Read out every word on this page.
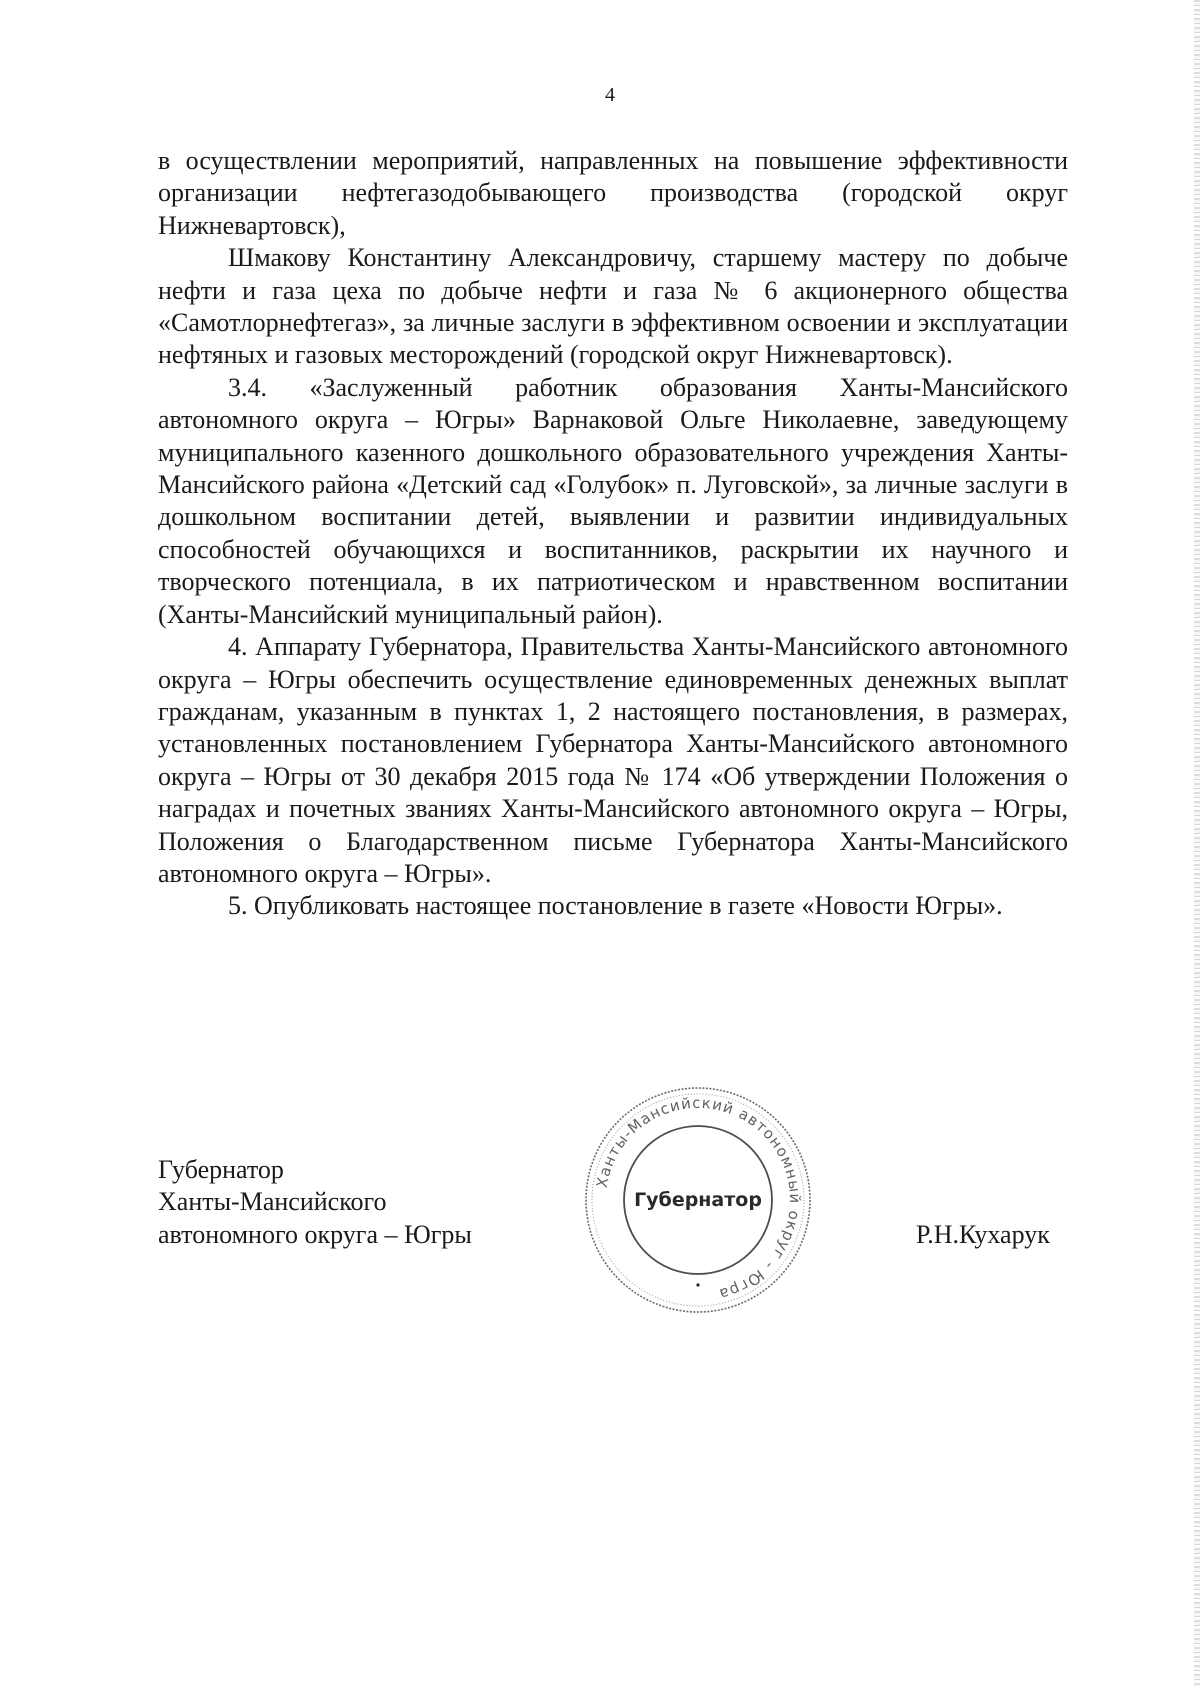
4

в осуществлении мероприятий, направленных на повышение эффективности организации нефтегазодобывающего производства (городской округ Нижневартовск),

Шмакову Константину Александровичу, старшему мастеру по добыче нефти и газа цеха по добыче нефти и газа № 6 акционерного общества «Самотлорнефтегаз», за личные заслуги в эффективном освоении и эксплуатации нефтяных и газовых месторождений (городской округ Нижневартовск).

3.4. «Заслуженный работник образования Ханты-Мансийского автономного округа – Югры» Варнаковой Ольге Николаевне, заведующему муниципального казенного дошкольного образовательного учреждения Ханты-Мансийского района «Детский сад «Голубок» п. Луговской», за личные заслуги в дошкольном воспитании детей, выявлении и развитии индивидуальных способностей обучающихся и воспитанников, раскрытии их научного и творческого потенциала, в их патриотическом и нравственном воспитании (Ханты-Мансийский муниципальный район).

4. Аппарату Губернатора, Правительства Ханты-Мансийского автономного округа – Югры обеспечить осуществление единовременных денежных выплат гражданам, указанным в пунктах 1, 2 настоящего постановления, в размерах, установленных постановлением Губернатора Ханты-Мансийского автономного округа – Югры от 30 декабря 2015 года № 174 «Об утверждении Положения о наградах и почетных званиях Ханты-Мансийского автономного округа – Югры, Положения о Благодарственном письме Губернатора Ханты-Мансийского автономного округа – Югры».

5. Опубликовать настоящее постановление в газете «Новости Югры».

Губернатор
Ханты-Мансийского
автономного округа – Югры
Ханты-Мансийский автономный округ - Югра
Губернатор
Р.Н.Кухарук
